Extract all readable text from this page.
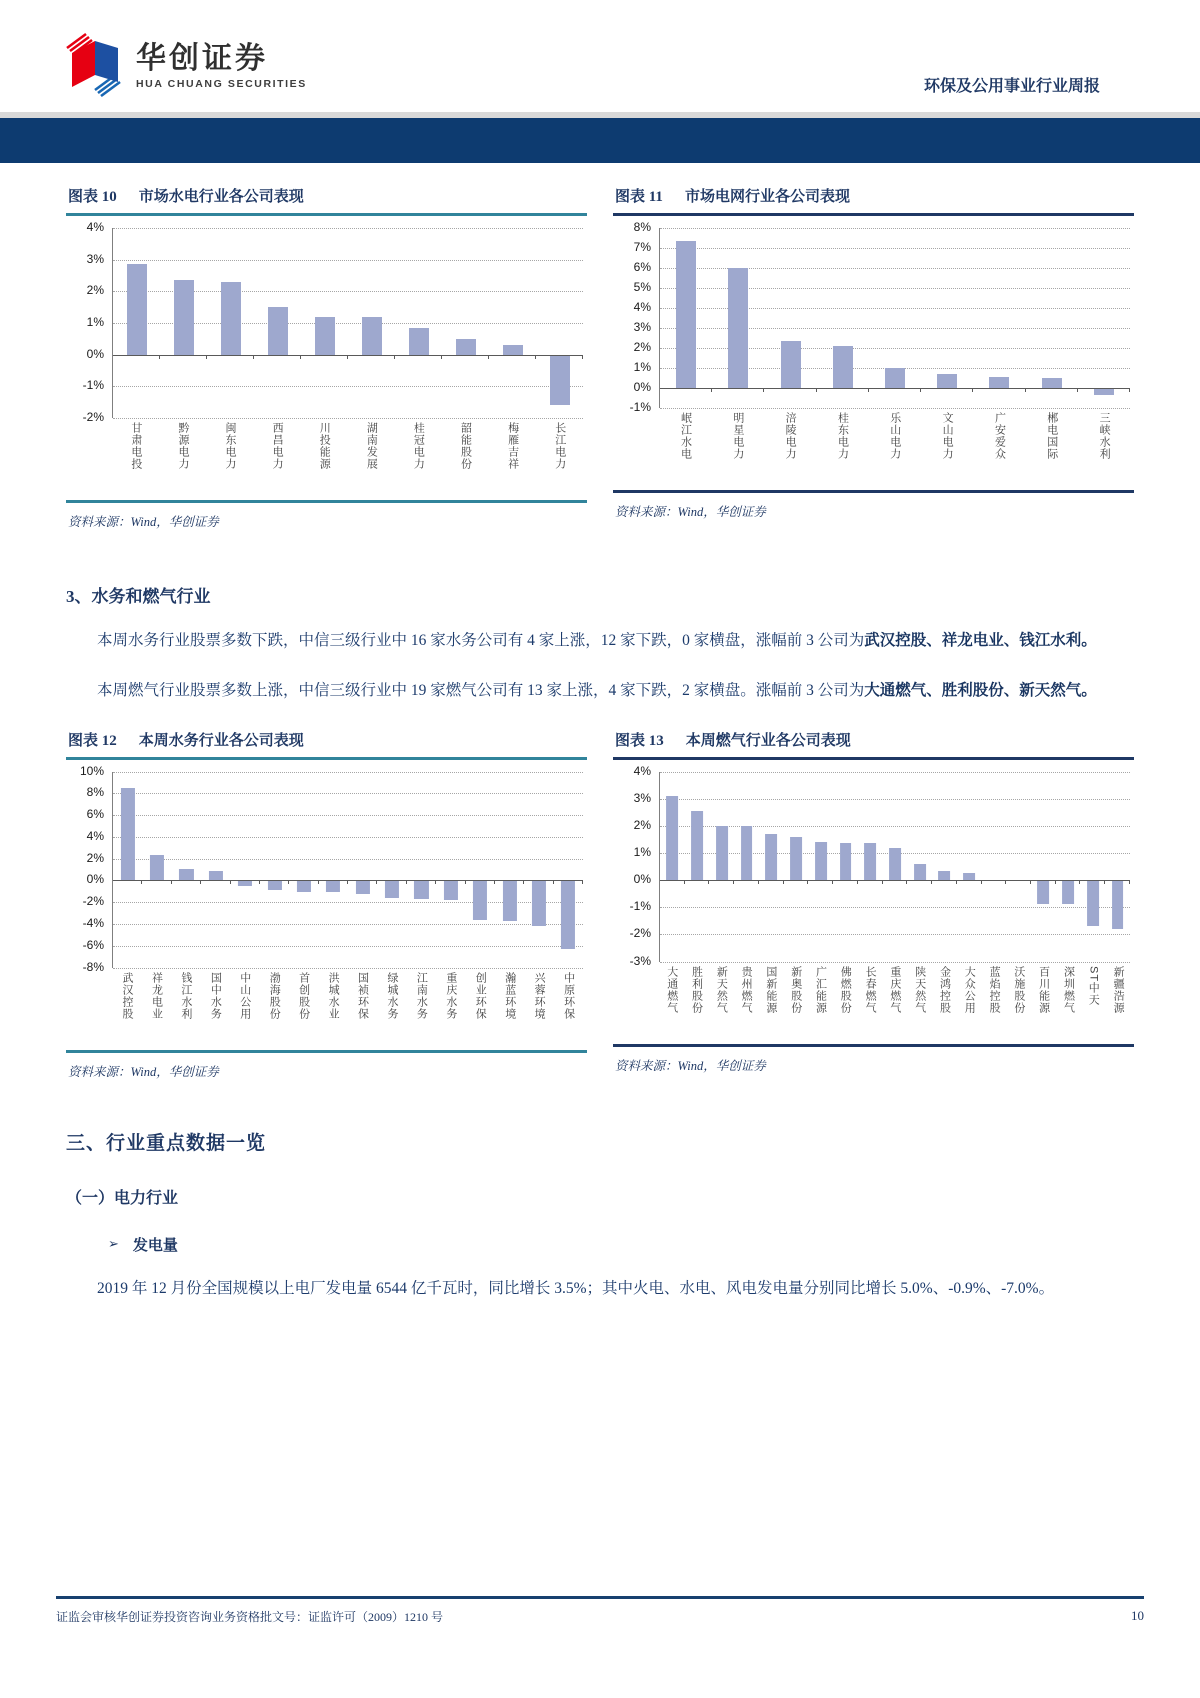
华创证券
HUA CHUANG SECURITIES	环保及公用事业行业周报
图表 10 市场水电行业各公司表现
4%
3%
2%
1%
0%
-1%
-2%
甘肃电投	黔源电力	闽东电力	西昌电力	川投能源	湖南发展	桂冠电力	韶能股份	梅雁吉祥	长江电力
资料来源：Wind，华创证券
图表 11 市场电网行业各公司表现
8%
7%
6%
5%
4%
3%
2%
1%
0%
-1%
岷江水电	明星电力	涪陵电力	桂东电力	乐山电力	文山电力	广安爱众	郴电国际	三峡水利
资料来源：Wind，华创证券
3、水务和燃气行业

本周水务行业股票多数下跌，中信三级行业中 16 家水务公司有 4 家上涨，12 家下跌，0 家横盘，涨幅前 3 公司为武汉控股、祥龙电业、钱江水利。

本周燃气行业股票多数上涨，中信三级行业中 19 家燃气公司有 13 家上涨，4 家下跌，2 家横盘。涨幅前 3 公司为大通燃气、胜利股份、新天然气。

图表 12 本周水务行业各公司表现
10%
8%
6%
4%
2%
0%
-2%
-4%
-6%
-8%
武汉控股 祥龙电业 钱江水利 国中水务 中山公用 渤海股份 首创股份 洪城水业 国祯环保 绿城水务 江南水务 重庆水务 创业环保 瀚蓝环境 兴蓉环境 中原环保
资料来源：Wind，华创证券
图表 13 本周燃气行业各公司表现
4%
3%
2%
1%
0%
-1%
-2%
-3%
大通燃气 胜利股份 新天然气 贵州燃气 国新能源 新奥股份 广汇能源 佛燃股份 长春燃气 重庆燃气 陕天然气 金鸿控股 大众公用 蓝焰控股 沃施股份 百川能源 深圳燃气 ST中天 新疆浩源
资料来源：Wind，华创证券
三、行业重点数据一览
（一）电力行业
➢ 发电量

2019 年 12 月份全国规模以上电厂发电量 6544 亿千瓦时，同比增长 3.5%；其中火电、水电、风电发电量分别同比增长 5.0%、-0.9%、-7.0%。

证监会审核华创证券投资咨询业务资格批文号：证监许可（2009）1210 号	10
